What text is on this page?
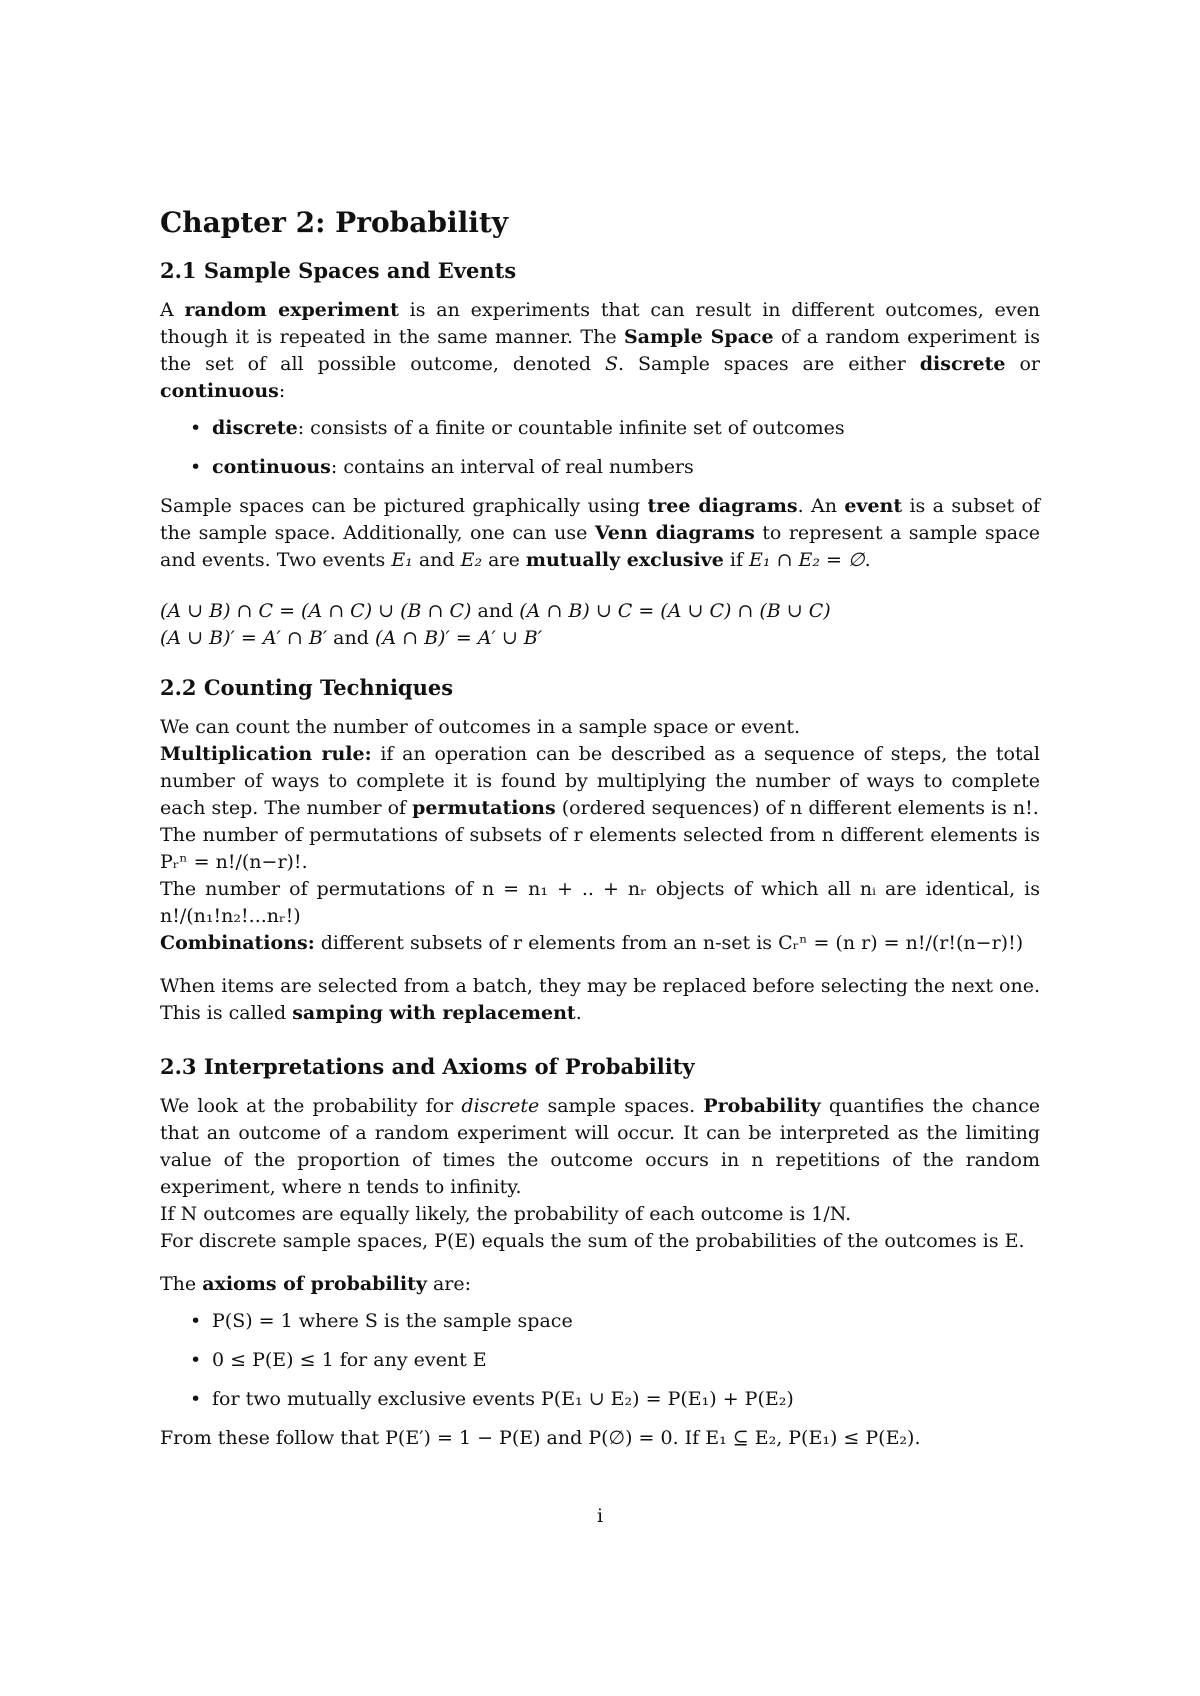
Chapter 2: Probability
2.1 Sample Spaces and Events

A random experiment is an experiments that can result in different outcomes, even though it is repeated in the same manner. The Sample Space of a random experiment is the set of all possible outcome, denoted S. Sample spaces are either discrete or continuous:

• discrete: consists of a finite or countable infinite set of outcomes
• continuous: contains an interval of real numbers

Sample spaces can be pictured graphically using tree diagrams. An event is a subset of the sample space. Additionally, one can use Venn diagrams to represent a sample space and events. Two events E₁ and E₂ are mutually exclusive if E₁ ∩ E₂ = ∅.

(A ∪ B) ∩ C = (A ∩ C) ∪ (B ∩ C) and (A ∩ B) ∪ C = (A ∪ C) ∩ (B ∪ C)
(A ∪ B)′ = A′ ∩ B′ and (A ∩ B)′ = A′ ∪ B′

2.2 Counting Techniques

We can count the number of outcomes in a sample space or event.
Multiplication rule: if an operation can be described as a sequence of steps, the total number of ways to complete it is found by multiplying the number of ways to complete each step. The number of permutations (ordered sequences) of n different elements is n!.
The number of permutations of subsets of r elements selected from n different elements is Pᵣⁿ = n!/(n−r)!.
The number of permutations of n = n₁ + .. + nᵣ objects of which all nᵢ are identical, is n!/(n₁!n₂!...nᵣ!)
Combinations: different subsets of r elements from an n-set is Cᵣⁿ = (n r) = n!/(r!(n−r)!)

When items are selected from a batch, they may be replaced before selecting the next one. This is called samping with replacement.

2.3 Interpretations and Axioms of Probability

We look at the probability for discrete sample spaces. Probability quantifies the chance that an outcome of a random experiment will occur. It can be interpreted as the limiting value of the proportion of times the outcome occurs in n repetitions of the random experiment, where n tends to infinity.
If N outcomes are equally likely, the probability of each outcome is 1/N.
For discrete sample spaces, P(E) equals the sum of the probabilities of the outcomes is E.

The axioms of probability are:

• P(S) = 1 where S is the sample space
• 0 ≤ P(E) ≤ 1 for any event E
• for two mutually exclusive events P(E₁ ∪ E₂) = P(E₁) + P(E₂)

From these follow that P(E′) = 1 − P(E) and P(∅) = 0. If E₁ ⊆ E₂, P(E₁) ≤ P(E₂).

i
